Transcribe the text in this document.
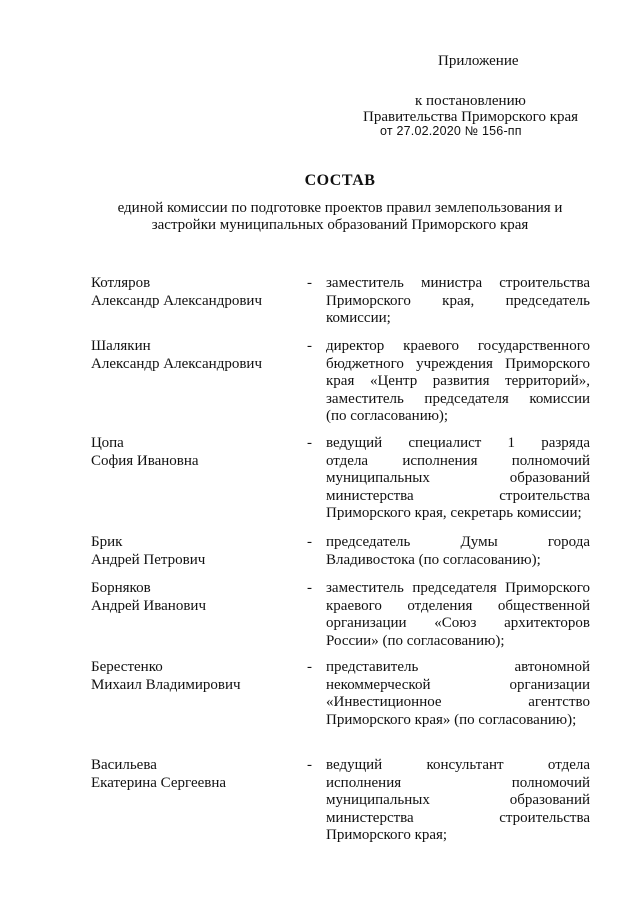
Приложение
к постановлению
Правительства Приморского края
от 27.02.2020 № 156-пп
СОСТАВ
единой комиссии по подготовке проектов правил землепользования и
застройки муниципальных образований Приморского края
Котляров
Александр Александрович
- заместитель министра строительства
Приморского края, председатель
комиссии;
Шалякин
Александр Александрович
- директор краевого государственного
бюджетного учреждения Приморского
края «Центр развития территорий»,
заместитель председателя комиссии
(по согласованию);
Цопа
София Ивановна
- ведущий специалист 1 разряда
отдела исполнения полномочий
муниципальных образований
министерства строительства
Приморского края, секретарь комиссии;
Брик
Андрей Петрович
- председатель Думы города
Владивостока (по согласованию);
Борняков
Андрей Иванович
- заместитель председателя Приморского
краевого отделения общественной
организации «Союз архитекторов
России» (по согласованию);
Берестенко
Михаил Владимирович
- представитель автономной
некоммерческой организации
«Инвестиционное агентство
Приморского края» (по согласованию);
Васильева
Екатерина Сергеевна
- ведущий консультант отдела
исполнения полномочий
муниципальных образований
министерства строительства
Приморского края;
